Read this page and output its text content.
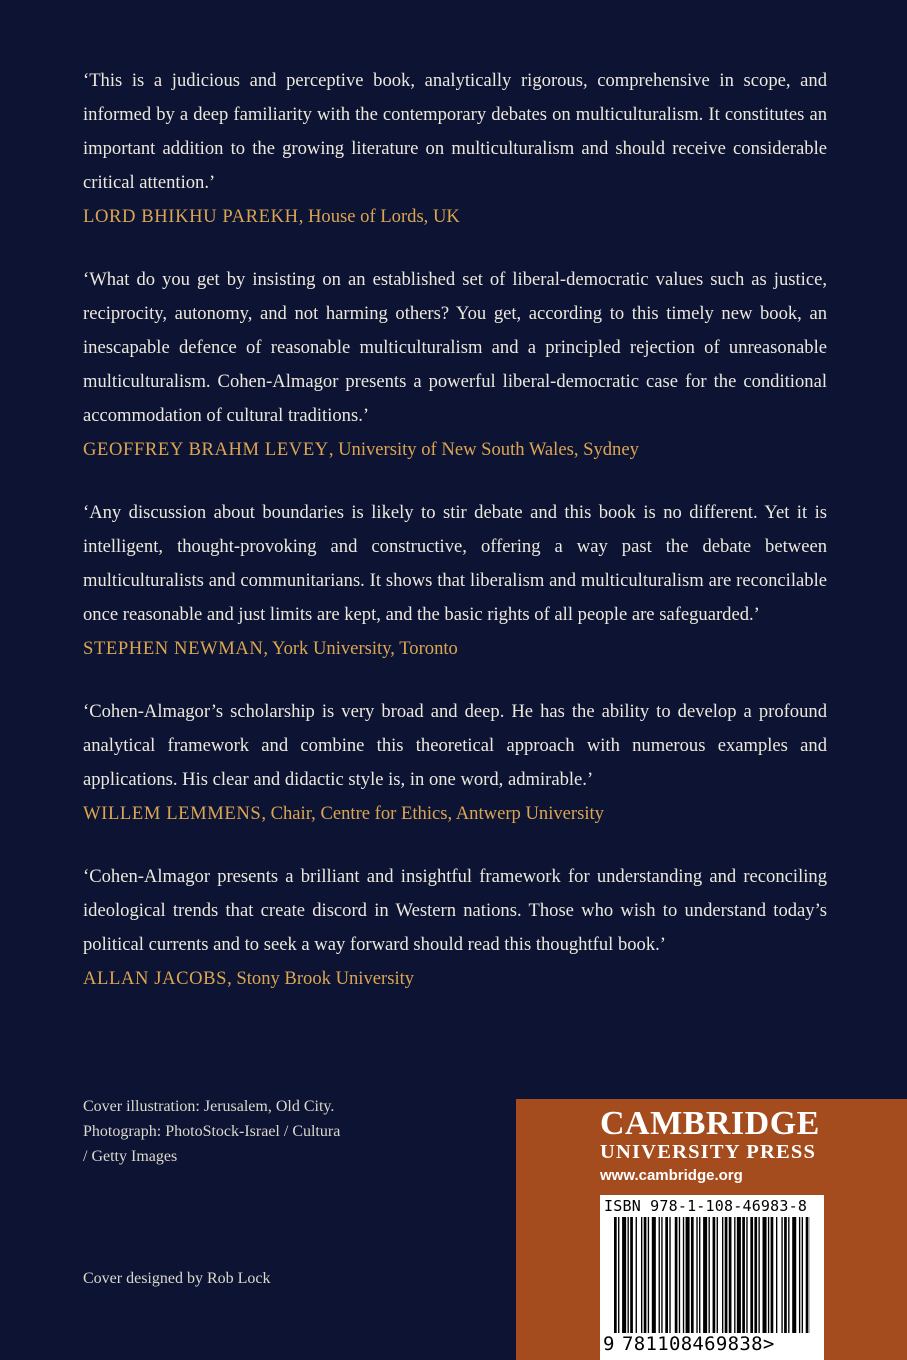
‘This is a judicious and perceptive book, analytically rigorous, comprehensive in scope, and informed by a deep familiarity with the contemporary debates on multiculturalism. It constitutes an important addition to the growing literature on multiculturalism and should receive considerable critical attention.’

LORD BHIKHU PAREKH, House of Lords, UK

‘What do you get by insisting on an established set of liberal-democratic values such as justice, reciprocity, autonomy, and not harming others? You get, according to this timely new book, an inescapable defence of reasonable multiculturalism and a principled rejection of unreasonable multiculturalism. Cohen-Almagor presents a powerful liberal-democratic case for the conditional accommodation of cultural traditions.’

GEOFFREY BRAHM LEVEY, University of New South Wales, Sydney

‘Any discussion about boundaries is likely to stir debate and this book is no different. Yet it is intelligent, thought-provoking and constructive, offering a way past the debate between multiculturalists and communitarians. It shows that liberalism and multiculturalism are reconcilable once reasonable and just limits are kept, and the basic rights of all people are safeguarded.’

STEPHEN NEWMAN, York University, Toronto

‘Cohen-Almagor’s scholarship is very broad and deep. He has the ability to develop a profound analytical framework and combine this theoretical approach with numerous examples and applications. His clear and didactic style is, in one word, admirable.’

WILLEM LEMMENS, Chair, Centre for Ethics, Antwerp University

‘Cohen-Almagor presents a brilliant and insightful framework for understanding and reconciling ideological trends that create discord in Western nations. Those who wish to understand today’s political currents and to seek a way forward should read this thoughtful book.’

ALLAN JACOBS, Stony Brook University
Cover illustration: Jerusalem, Old City.
Photograph: PhotoStock-Israel / Cultura
/ Getty Images
Cover designed by Rob Lock
CAMBRIDGE
UNIVERSITY PRESS
www.cambridge.org
ISBN 978-1-108-46983-8
9 781108469838>
